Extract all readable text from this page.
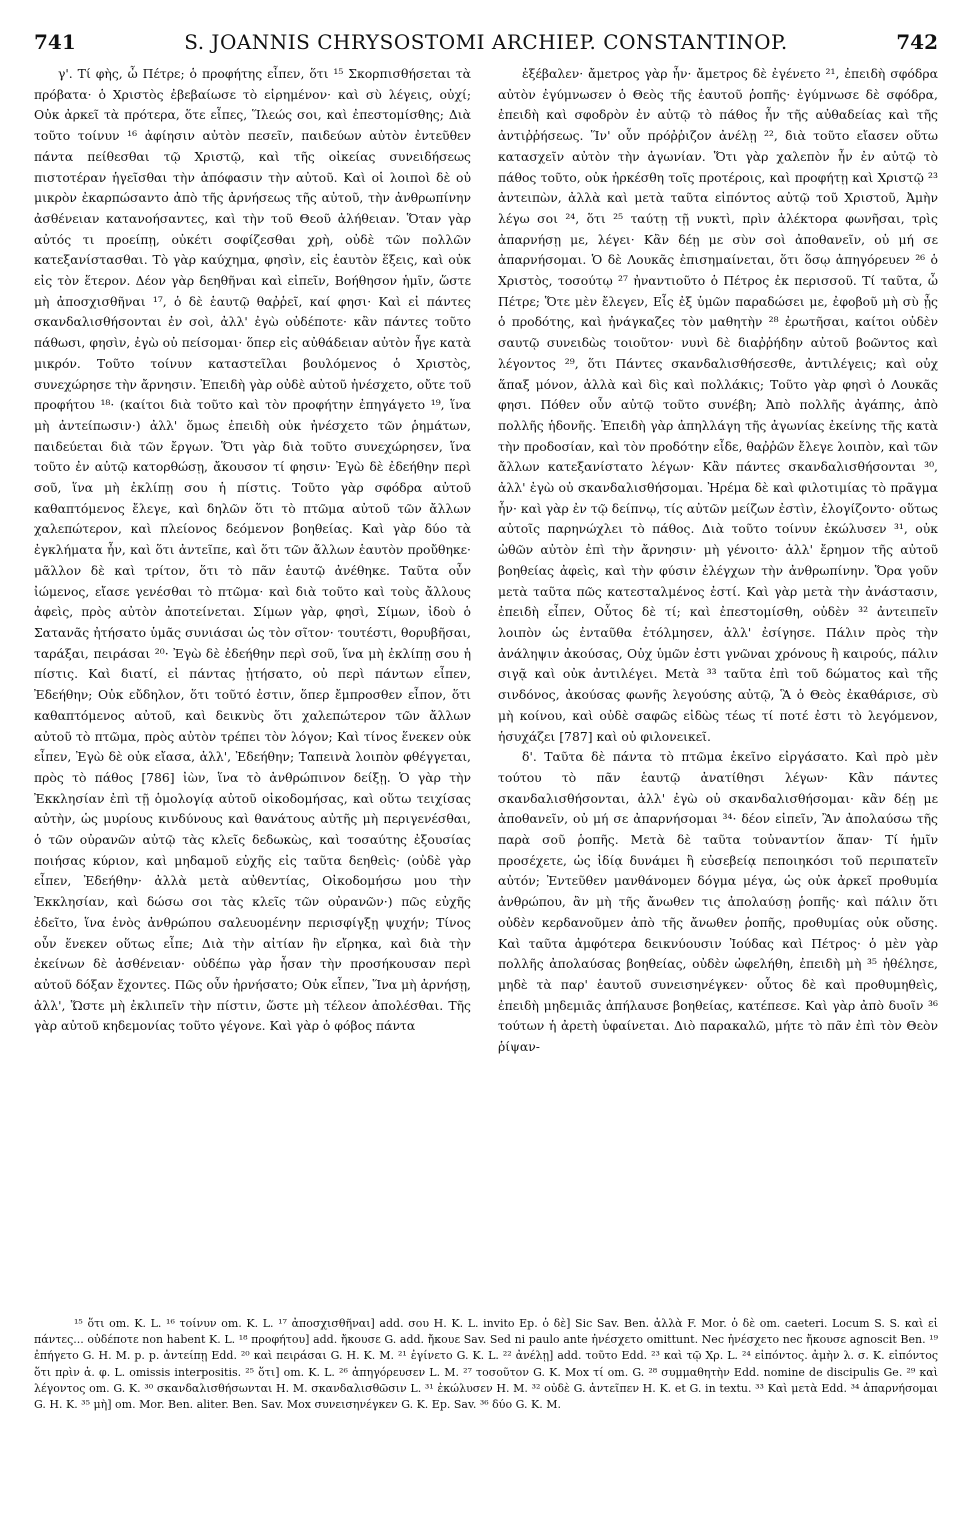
741	S. JOANNIS CHRYSOSTOMI ARCHIEP. CONSTANTINOP.	742

γ'. Τί φὴς, ὦ Πέτρε; ὁ προφήτης εἶπεν, ὅτι ¹⁵ Σκορπισθήσεται τὰ πρόβατα· ὁ Χριστὸς ἐβεβαίωσε τὸ εἰρημένον· καὶ σὺ λέγεις, οὐχί; Οὐκ ἀρκεῖ τὰ πρότερα, ὅτε εἶπες, Ἵλεώς σοι, καὶ ἐπεστομίσθης; Διὰ τοῦτο τοίνυν ¹⁶ ἀφίησιν αὐτὸν πεσεῖν, παιδεύων αὐτὸν ἐντεῦθεν πάντα πείθεσθαι τῷ Χριστῷ, καὶ τῆς οἰκείας συνειδήσεως πιστοτέραν ἡγεῖσθαι τὴν ἀπόφασιν τὴν αὐτοῦ. Καὶ οἱ λοιποὶ δὲ οὐ μικρὸν ἐκαρπώσαντο ἀπὸ τῆς ἀρνήσεως τῆς αὐτοῦ, τὴν ἀνθρωπίνην ἀσθένειαν κατανοήσαντες, καὶ τὴν τοῦ Θεοῦ ἀλήθειαν. Ὅταν γὰρ αὐτός τι προείπῃ, οὐκέτι σοφίζεσθαι χρὴ, οὐδὲ τῶν πολλῶν κατεξανίστασθαι. Τὸ γὰρ καύχημα, φησὶν, εἰς ἑαυτὸν ἕξεις, καὶ οὐκ εἰς τὸν ἕτερον. Δέον γὰρ δεηθῆναι καὶ εἰπεῖν, Βοήθησον ἡμῖν, ὥστε μὴ ἀποσχισθῆναι ¹⁷, ὁ δὲ ἑαυτῷ θαῤῥεῖ, καί φησι· Καὶ εἰ πάντες σκανδαλισθήσονται ἐν σοὶ, ἀλλ' ἐγὼ οὐδέποτε· κἂν πάντες τοῦτο πάθωσι, φησὶν, ἐγὼ οὐ πείσομαι· ὅπερ εἰς αὐθάδειαν αὐτὸν ἦγε κατὰ μικρόν. Τοῦτο τοίνυν καταστεῖλαι βουλόμενος ὁ Χριστὸς, συνεχώρησε τὴν ἄρνησιν. Ἐπειδὴ γὰρ οὐδὲ αὐτοῦ ἠνέσχετο, οὔτε τοῦ προφήτου ¹⁸· (καίτοι διὰ τοῦτο καὶ τὸν προφήτην ἐπηγάγετο ¹⁹, ἵνα μὴ ἀντείπωσιν·) ἀλλ' ὅμως ἐπειδὴ οὐκ ἠνέσχετο τῶν ῥημάτων, παιδεύεται διὰ τῶν ἔργων. Ὅτι γὰρ διὰ τοῦτο συνεχώρησεν, ἵνα τοῦτο ἐν αὐτῷ κατορθώσῃ, ἄκουσον τί φησιν· Ἐγὼ δὲ ἐδεήθην περὶ σοῦ, ἵνα μὴ ἐκλίπῃ σου ἡ πίστις. Τοῦτο γὰρ σφόδρα αὐτοῦ καθαπτόμενος ἔλεγε, καὶ δηλῶν ὅτι τὸ πτῶμα αὐτοῦ τῶν ἄλλων χαλεπώτερον, καὶ πλείονος δεόμενον βοηθείας. Καὶ γὰρ δύο τὰ ἐγκλήματα ἦν, καὶ ὅτι ἀντεῖπε, καὶ ὅτι τῶν ἄλλων ἑαυτὸν προὔθηκε· μᾶλλον δὲ καὶ τρίτον, ὅτι τὸ πᾶν ἑαυτῷ ἀνέθηκε. Ταῦτα οὖν ἰώμενος, εἴασε γενέσθαι τὸ πτῶμα· καὶ διὰ τοῦτο καὶ τοὺς ἄλλους ἀφεὶς, πρὸς αὐτὸν ἀποτείνεται. Σίμων γὰρ, φησὶ, Σίμων, ἰδοὺ ὁ Σατανᾶς ἠτήσατο ὑμᾶς συνιάσαι ὡς τὸν σῖτον· τουτέστι, θορυβῆσαι, ταράξαι, πειράσαι ²⁰· Ἐγὼ δὲ ἐδεήθην περὶ σοῦ, ἵνα μὴ ἐκλίπῃ σου ἡ πίστις. Καὶ διατί, εἰ πάντας ᾐτήσατο, οὐ περὶ πάντων εἶπεν, Ἐδεήθην; Οὐκ εὔδηλον, ὅτι τοῦτό ἐστιν, ὅπερ ἔμπροσθεν εἶπον, ὅτι καθαπτόμενος αὐτοῦ, καὶ δεικνὺς ὅτι χαλεπώτερον τῶν ἄλλων αὐτοῦ τὸ πτῶμα, πρὸς αὐτὸν τρέπει τὸν λόγον; Καὶ τίνος ἕνεκεν οὐκ εἶπεν, Ἐγὼ δὲ οὐκ εἴασα, ἀλλ', Ἐδεήθην; Ταπεινὰ λοιπὸν φθέγγεται, πρὸς τὸ πάθος [786] ἰὼν, ἵνα τὸ ἀνθρώπινον δείξῃ. Ὁ γὰρ τὴν Ἐκκλησίαν ἐπὶ τῇ ὁμολογίᾳ αὐτοῦ οἰκοδομήσας, καὶ οὕτω τειχίσας αὐτὴν, ὡς μυρίους κινδύνους καὶ θανάτους αὐτῆς μὴ περιγενέσθαι, ὁ τῶν οὐρανῶν αὐτῷ τὰς κλεῖς δεδωκὼς, καὶ τοσαύτης ἐξουσίας ποιήσας κύριον, καὶ μηδαμοῦ εὐχῆς εἰς ταῦτα δεηθεὶς· (οὐδὲ γὰρ εἶπεν, Ἐδεήθην· ἀλλὰ μετὰ αὐθεντίας, Οἰκοδομήσω μου τὴν Ἐκκλησίαν, καὶ δώσω σοι τὰς κλεῖς τῶν οὐρανῶν·) πῶς εὐχῆς ἐδεῖτο, ἵνα ἑνὸς ἀνθρώπου σαλευομένην περισφίγξῃ ψυχήν; Τίνος οὖν ἕνεκεν οὕτως εἶπε; Διὰ τὴν αἰτίαν ἣν εἴρηκα, καὶ διὰ τὴν ἐκείνων δὲ ἀσθένειαν· οὐδέπω γὰρ ἦσαν τὴν προσήκουσαν περὶ αὐτοῦ δόξαν ἔχοντες. Πῶς οὖν ἠρνήσατο; Οὐκ εἶπεν, Ἵνα μὴ ἀρνήσῃ, ἀλλ', Ὥστε μὴ ἐκλιπεῖν τὴν πίστιν, ὥστε μὴ τέλεον ἀπολέσθαι. Τῆς γὰρ αὐτοῦ κηδεμονίας τοῦτο γέγονε. Καὶ γὰρ ὁ φόβος πάντα

ἐξέβαλεν· ἄμετρος γὰρ ἦν· ἄμετρος δὲ ἐγένετο ²¹, ἐπειδὴ σφόδρα αὐτὸν ἐγύμνωσεν ὁ Θεὸς τῆς ἑαυτοῦ ῥοπῆς· ἐγύμνωσε δὲ σφόδρα, ἐπειδὴ καὶ σφοδρὸν ἐν αὐτῷ τὸ πάθος ἦν τῆς αὐθαδείας καὶ τῆς ἀντιῤῥήσεως. Ἵν' οὖν πρόῤῥιζον ἀνέλῃ ²², διὰ τοῦτο εἴασεν οὕτω κατασχεῖν αὐτὸν τὴν ἀγωνίαν. Ὅτι γὰρ χαλεπὸν ἦν ἐν αὐτῷ τὸ πάθος τοῦτο, οὐκ ἠρκέσθη τοῖς προτέροις, καὶ προφήτῃ καὶ Χριστῷ ²³ ἀντειπὼν, ἀλλὰ καὶ μετὰ ταῦτα εἰπόντος αὐτῷ τοῦ Χριστοῦ, Ἀμὴν λέγω σοι ²⁴, ὅτι ²⁵ ταύτῃ τῇ νυκτὶ, πρὶν ἀλέκτορα φωνῆσαι, τρὶς ἀπαρνήσῃ με, λέγει· Κἂν δέῃ με σὺν σοὶ ἀποθανεῖν, οὐ μή σε ἀπαρνήσομαι. Ὁ δὲ Λουκᾶς ἐπισημαίνεται, ὅτι ὅσῳ ἀπηγόρευεν ²⁶ ὁ Χριστὸς, τοσούτῳ ²⁷ ἠναντιοῦτο ὁ Πέτρος ἐκ περισσοῦ. Τί ταῦτα, ὦ Πέτρε; Ὅτε μὲν ἔλεγεν, Εἷς ἐξ ὑμῶν παραδώσει με, ἐφοβοῦ μὴ σὺ ᾖς ὁ προδότης, καὶ ἠνάγκαζες τὸν μαθητὴν ²⁸ ἐρωτῆσαι, καίτοι οὐδὲν σαυτῷ συνειδὼς τοιοῦτον· νυνὶ δὲ διαῤῥήδην αὐτοῦ βοῶντος καὶ λέγοντος ²⁹, ὅτι Πάντες σκανδαλισθήσεσθε, ἀντιλέγεις; καὶ οὐχ ἅπαξ μόνον, ἀλλὰ καὶ δὶς καὶ πολλάκις; Τοῦτο γὰρ φησὶ ὁ Λουκᾶς φησι. Πόθεν οὖν αὐτῷ τοῦτο συνέβη; Ἀπὸ πολλῆς ἀγάπης, ἀπὸ πολλῆς ἡδονῆς. Ἐπειδὴ γὰρ ἀπηλλάγη τῆς ἀγωνίας ἐκείνης τῆς κατὰ τὴν προδοσίαν, καὶ τὸν προδότην εἶδε, θαῤῥῶν ἔλεγε λοιπὸν, καὶ τῶν ἄλλων κατεξανίστατο λέγων· Κἂν πάντες σκανδαλισθήσονται ³⁰, ἀλλ' ἐγὼ οὐ σκανδαλισθήσομαι. Ἠρέμα δὲ καὶ φιλοτιμίας τὸ πρᾶγμα ἦν· καὶ γὰρ ἐν τῷ δείπνῳ, τίς αὐτῶν μείζων ἐστὶν, ἐλογίζοντο· οὕτως αὐτοῖς παρηνώχλει τὸ πάθος. Διὰ τοῦτο τοίνυν ἐκώλυσεν ³¹, οὐκ ὠθῶν αὐτὸν ἐπὶ τὴν ἄρνησιν· μὴ γένοιτο· ἀλλ' ἔρημον τῆς αὐτοῦ βοηθείας ἀφεὶς, καὶ τὴν φύσιν ἐλέγχων τὴν ἀνθρωπίνην. Ὅρα γοῦν μετὰ ταῦτα πῶς κατεσταλμένος ἐστί. Καὶ γὰρ μετὰ τὴν ἀνάστασιν, ἐπειδὴ εἶπεν, Οὗτος δὲ τί; καὶ ἐπεστομίσθη, οὐδὲν ³² ἀντειπεῖν λοιπὸν ὡς ἐνταῦθα ἐτόλμησεν, ἀλλ' ἐσίγησε. Πάλιν πρὸς τὴν ἀνάληψιν ἀκούσας, Οὐχ ὑμῶν ἐστι γνῶναι χρόνους ἢ καιρούς, πάλιν σιγᾷ καὶ οὐκ ἀντιλέγει. Μετὰ ³³ ταῦτα ἐπὶ τοῦ δώματος καὶ τῆς σινδόνος, ἀκούσας φωνῆς λεγούσης αὐτῷ, Ἃ ὁ Θεὸς ἐκαθάρισε, σὺ μὴ κοίνου, καὶ οὐδὲ σαφῶς εἰδὼς τέως τί ποτέ ἐστι τὸ λεγόμενον, ἡσυχάζει [787] καὶ οὐ φιλονεικεῖ.

δ'. Ταῦτα δὲ πάντα τὸ πτῶμα ἐκεῖνο εἰργάσατο. Καὶ πρὸ μὲν τούτου τὸ πᾶν ἑαυτῷ ἀνατίθησι λέγων· Κἂν πάντες σκανδαλισθήσονται, ἀλλ' ἐγὼ οὐ σκανδαλισθήσομαι· κἂν δέῃ με ἀποθανεῖν, οὐ μή σε ἀπαρνήσομαι ³⁴· δέον εἰπεῖν, Ἂν ἀπολαύσω τῆς παρὰ σοῦ ῥοπῆς. Μετὰ δὲ ταῦτα τοὐναντίον ἅπαν· Τί ἡμῖν προσέχετε, ὡς ἰδίᾳ δυνάμει ἢ εὐσεβείᾳ πεποιηκόσι τοῦ περιπατεῖν αὐτόν; Ἐντεῦθεν μανθάνομεν δόγμα μέγα, ὡς οὐκ ἀρκεῖ προθυμία ἀνθρώπου, ἂν μὴ τῆς ἄνωθεν τις ἀπολαύσῃ ῥοπῆς· καὶ πάλιν ὅτι οὐδὲν κερδανοῦμεν ἀπὸ τῆς ἄνωθεν ῥοπῆς, προθυμίας οὐκ οὔσης. Καὶ ταῦτα ἀμφότερα δεικνύουσιν Ἰούδας καὶ Πέτρος· ὁ μὲν γὰρ πολλῆς ἀπολαύσας βοηθείας, οὐδὲν ὠφελήθη, ἐπειδὴ μὴ ³⁵ ἠθέλησε, μηδὲ τὰ παρ' ἑαυτοῦ συνεισηνέγκεν· οὗτος δὲ καὶ προθυμηθεὶς, ἐπειδὴ μηδεμιᾶς ἀπήλαυσε βοηθείας, κατέπεσε. Καὶ γὰρ ἀπὸ δυοῖν ³⁶ τούτων ἡ ἀρετὴ ὑφαίνεται. Διὸ παρακαλῶ, μήτε τὸ πᾶν ἐπὶ τὸν Θεὸν ῥίψαν-

¹⁵ ὅτι om. K. L. ¹⁶ τοίνυν om. K. L. ¹⁷ ἀποσχισθῆναι] add. σου H. K. L. invito Ep. ὁ δὲ] Sic Sav. Ben. ἀλλὰ F. Mor. ὁ δὲ om. caeteri. Locum S. S. καὶ εἰ πάντες... οὐδέποτε non habent K. L. ¹⁸ προφήτου] add. ἤκουσε G. add. ἤκουε Sav. Sed ni paulo ante ἠνέσχετο omittunt. Nec ἠνέσχετο nec ἤκουσε agnoscit Ben. ¹⁹ ἐπήγετο G. H. M. p. p. ἀντείπῃ Edd. ²⁰ καὶ πειράσαι G. H. K. M. ²¹ ἐγίνετο G. K. L. ²² ἀνέλῃ] add. τοῦτο Edd. ²³ καὶ τῷ Χρ. L. ²⁴ εἰπόντος. ἀμὴν λ. σ. Κ. εἰπόντος ὅτι πρὶν ἀ. φ. L. omissis interpositis. ²⁵ ὅτι] om. K. L. ²⁶ ἀπηγόρευσεν L. M. ²⁷ τοσοῦτον G. K. Mox τί om. G. ²⁸ συμμαθητὴν Edd. nomine de discipulis Ge. ²⁹ καὶ λέγοντος om. G. K. ³⁰ σκανδαλισθήσωνται H. M. σκανδαλισθῶσιν L. ³¹ ἐκώλυσεν H. M. ³² οὐδὲ G. ἀντεῖπεν H. K. et G. in textu. ³³ Καὶ μετὰ Edd. ³⁴ ἀπαρνήσομαι G. H. K. ³⁵ μὴ] om. Mor. Ben. aliter. Ben. Sav. Mox συνεισηνέγκεν G. K. Ep. Sav. ³⁶ δύο G. K. M.
